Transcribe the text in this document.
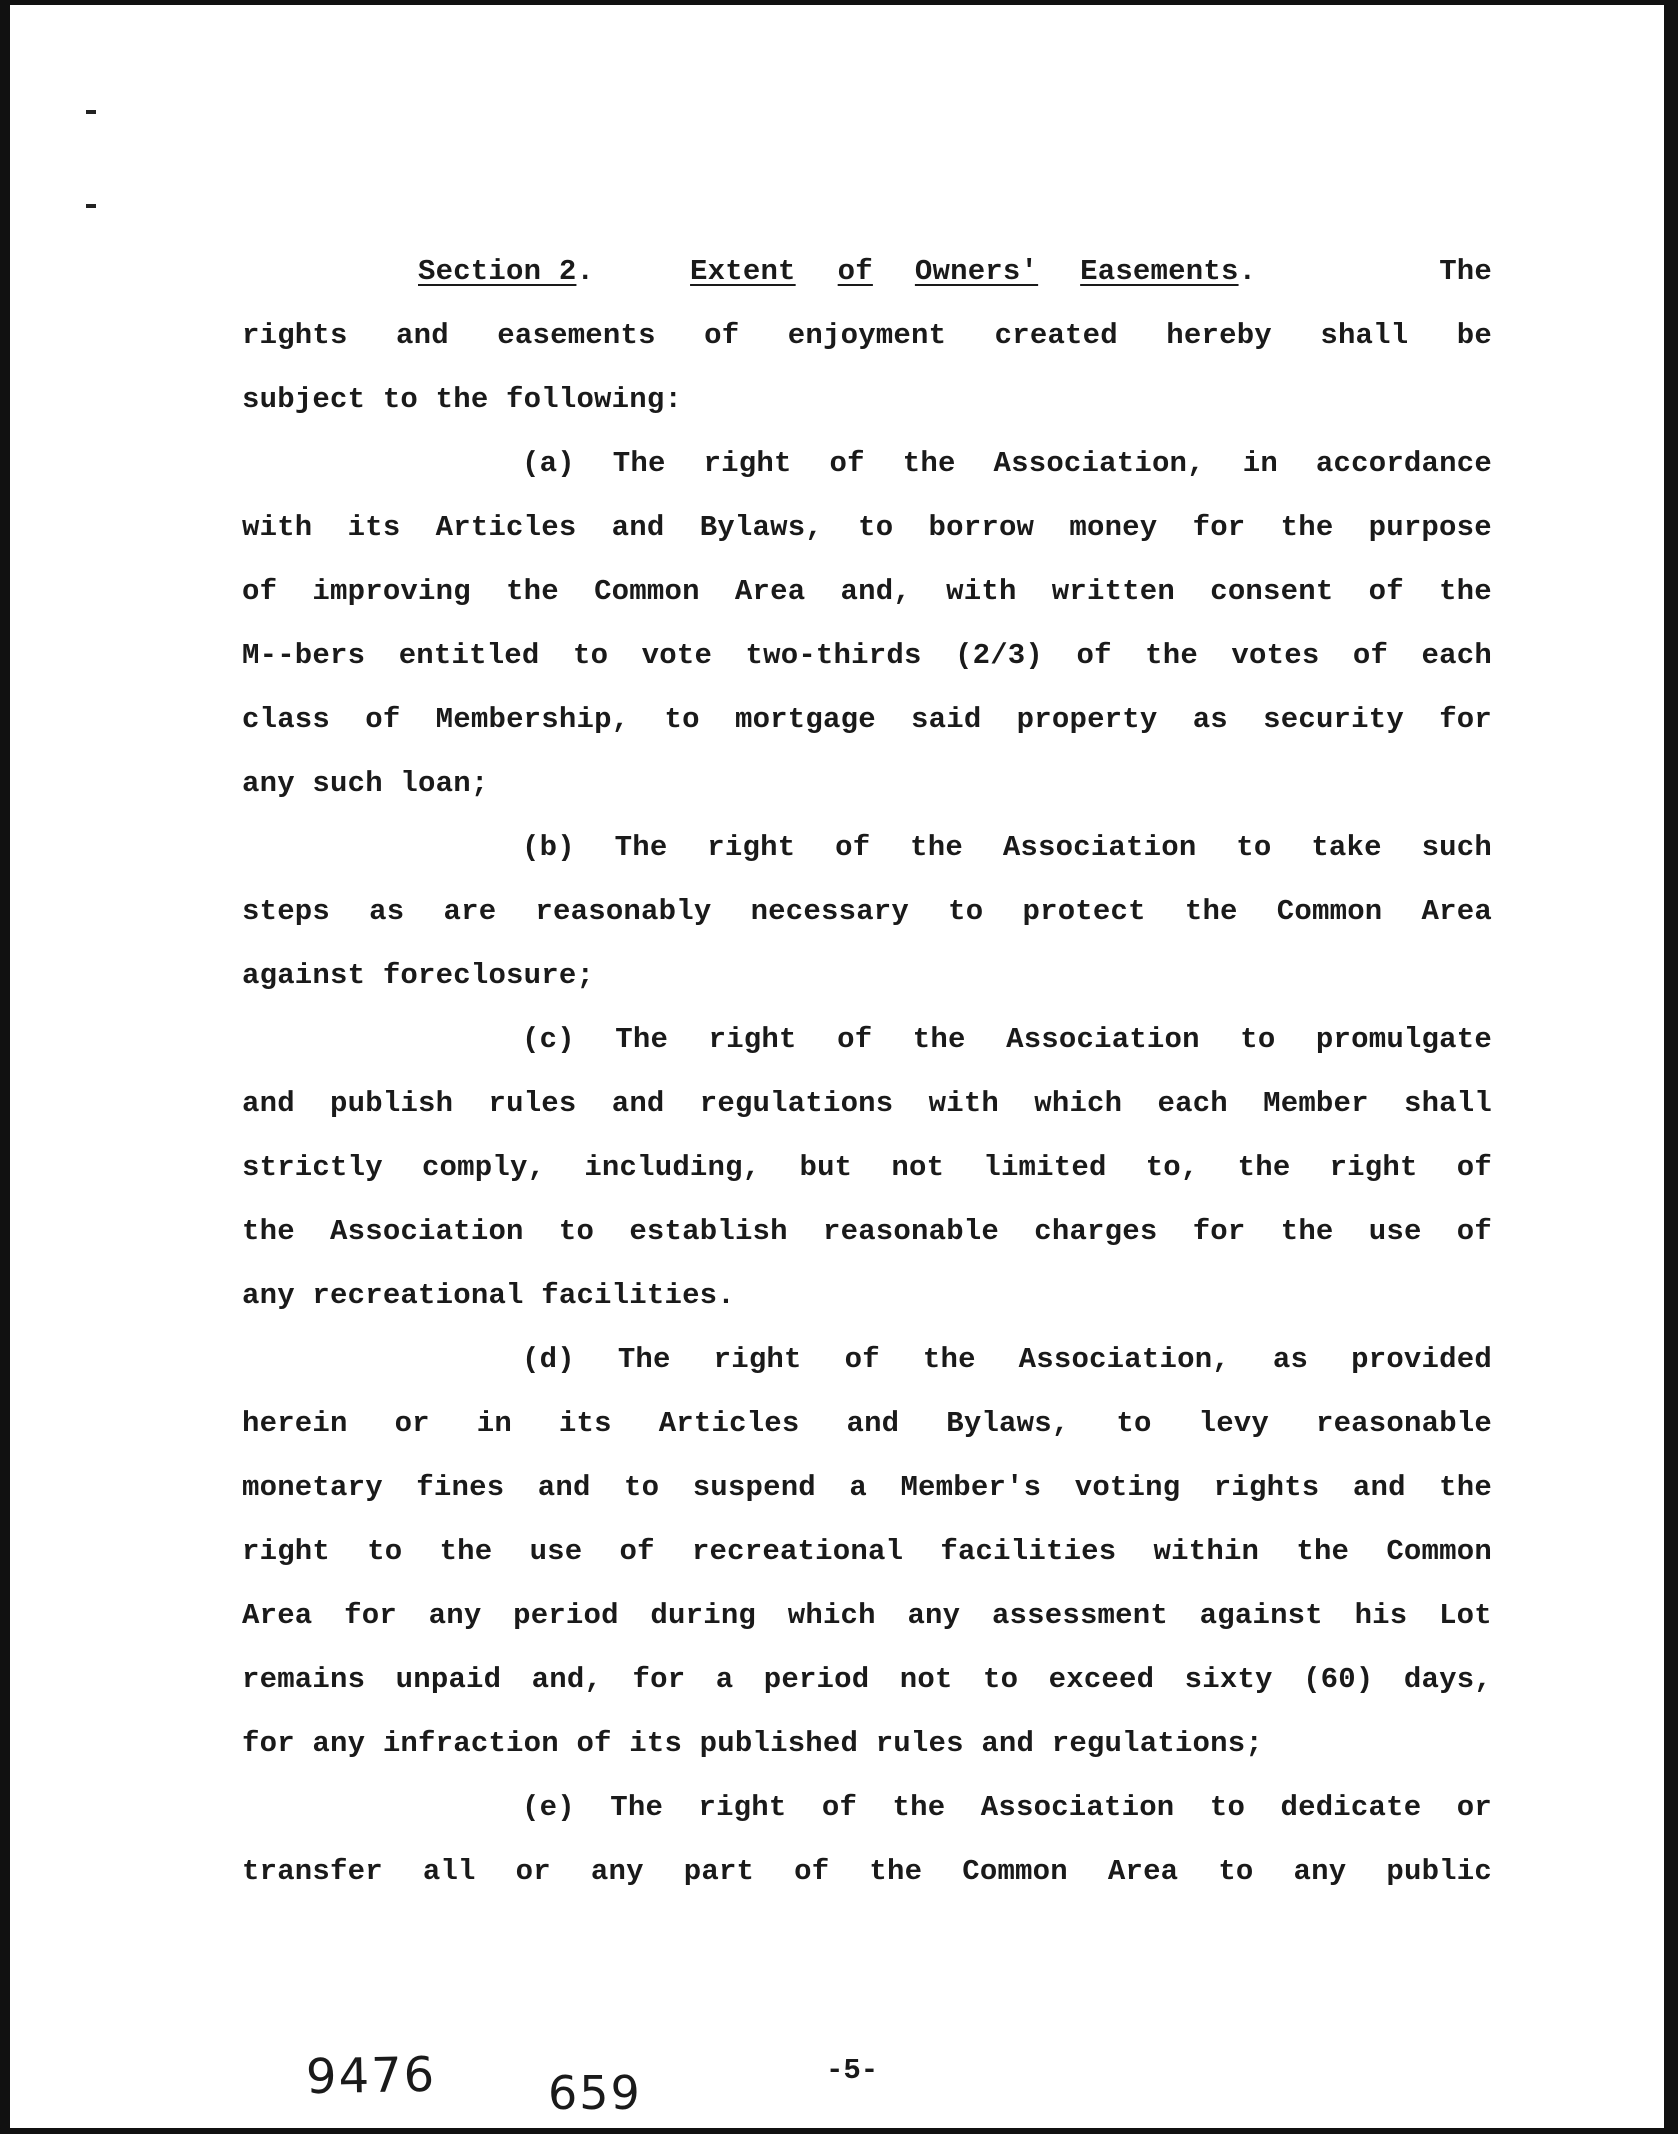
Section 2.	Extent of Owners' Easements.	The
rights and easements of enjoyment created hereby shall be
subject to the following:
(a) The right of the Association, in accordance
with its Articles and Bylaws, to borrow money for the purpose
of improving the Common Area and, with written consent of the
M--bers entitled to vote two-thirds (2/3) of the votes of each
class of Membership, to mortgage said property as security for
any such loan;
(b) The right of the Association to take such
steps as are reasonably necessary to protect the Common Area
against foreclosure;
(c) The right of the Association to promulgate
and publish rules and regulations with which each Member shall
strictly comply, including, but not limited to, the right of
the Association to establish reasonable charges for the use of
any recreational facilities.
(d) The right of the Association, as provided
herein or in its Articles and Bylaws, to levy reasonable
monetary fines and to suspend a Member's voting rights and the
right to the use of recreational facilities within the Common
Area for any period during which any assessment against his Lot
remains unpaid and, for a period not to exceed sixty (60) days,
for any infraction of its published rules and regulations;
(e) The right of the Association to dedicate or
transfer all or any part of the Common Area to any public
9476 659	-5-
